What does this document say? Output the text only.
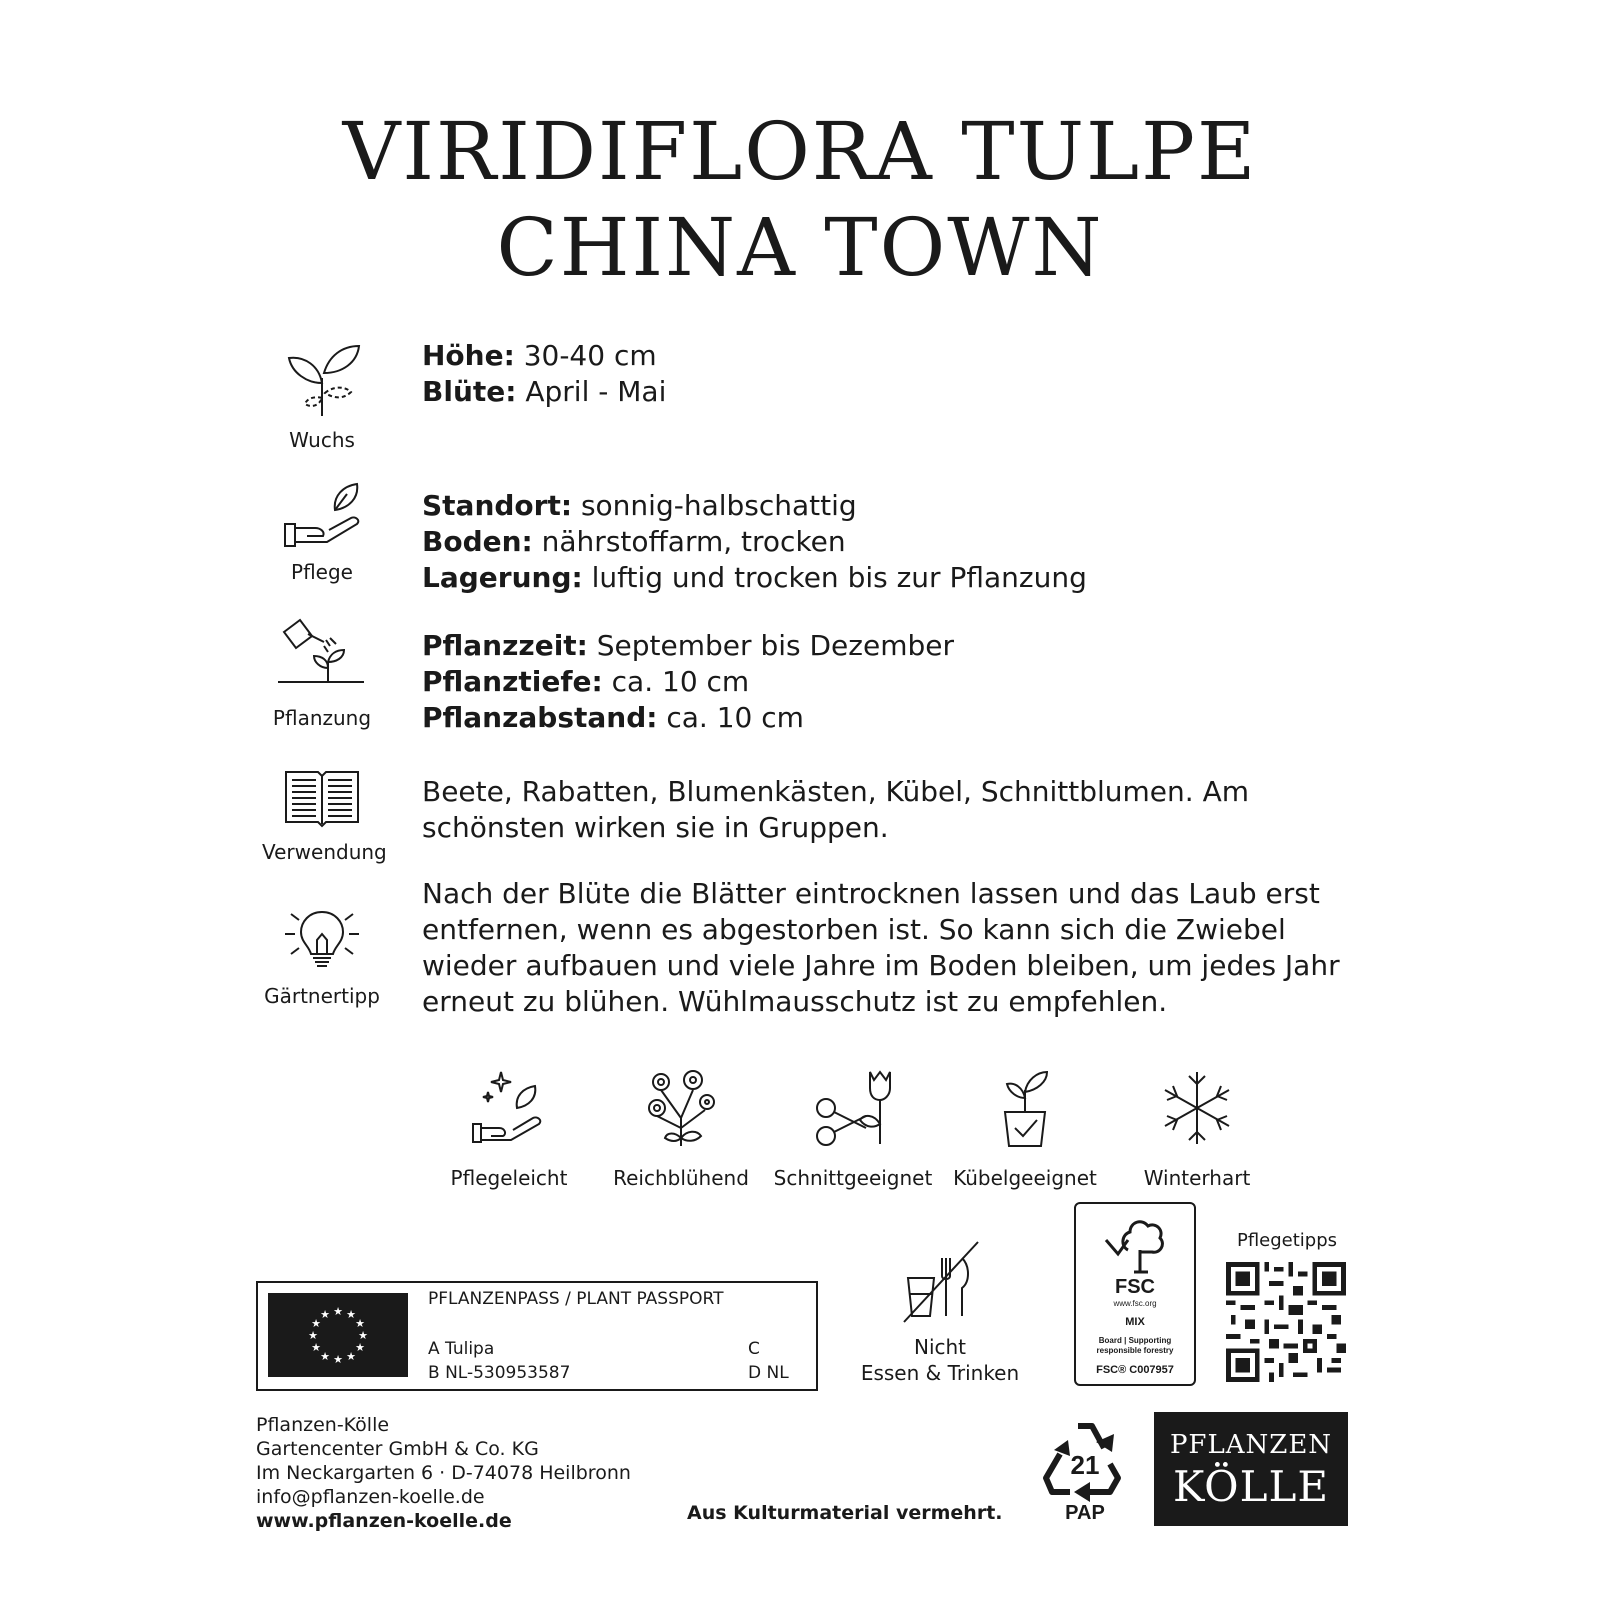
VIRIDIFLORA TULPE
CHINA TOWN
Wuchs
Höhe: 30-40 cm
Blüte: April - Mai
Pflege
Standort: sonnig-halbschattig
Boden: nährstoffarm, trocken
Lagerung: luftig und trocken bis zur Pflanzung
Pflanzung
Pflanzzeit: September bis Dezember
Pflanztiefe: ca. 10 cm
Pflanzabstand: ca. 10 cm
Verwendung
Beete, Rabatten, Blumenkästen, Kübel, Schnittblumen. Am schönsten wirken sie in Gruppen.
Gärtnertipp
Nach der Blüte die Blätter eintrocknen lassen und das Laub erst entfernen, wenn es abgestorben ist. So kann sich die Zwiebel wieder aufbauen und viele Jahre im Boden bleiben, um jedes Jahr erneut zu blühen. Wühlmausschutz ist zu empfehlen.
Pflegeleicht	Reichblühend	Schnittgeeignet	Kübelgeeignet	Winterhart
★ ★
★
★
★
★
★
★
★
★
★
★
PFLANZENPASS / PLANT PASSPORT
A Tulipa
B NL-530953587
C
D NL
Nicht
Essen & Trinken
FSC
www.fsc.org
MIX
Board | Supporting responsible forestry
FSC® C007957
Pflegetipps
Pflanzen-Kölle
Gartencenter GmbH & Co. KG
Im Neckargarten 6 · D-74078 Heilbronn
info@pflanzen-koelle.de
www.pflanzen-koelle.de	Aus Kulturmaterial vermehrt.
21
PAP
PFLANZEN
KÖLLE
